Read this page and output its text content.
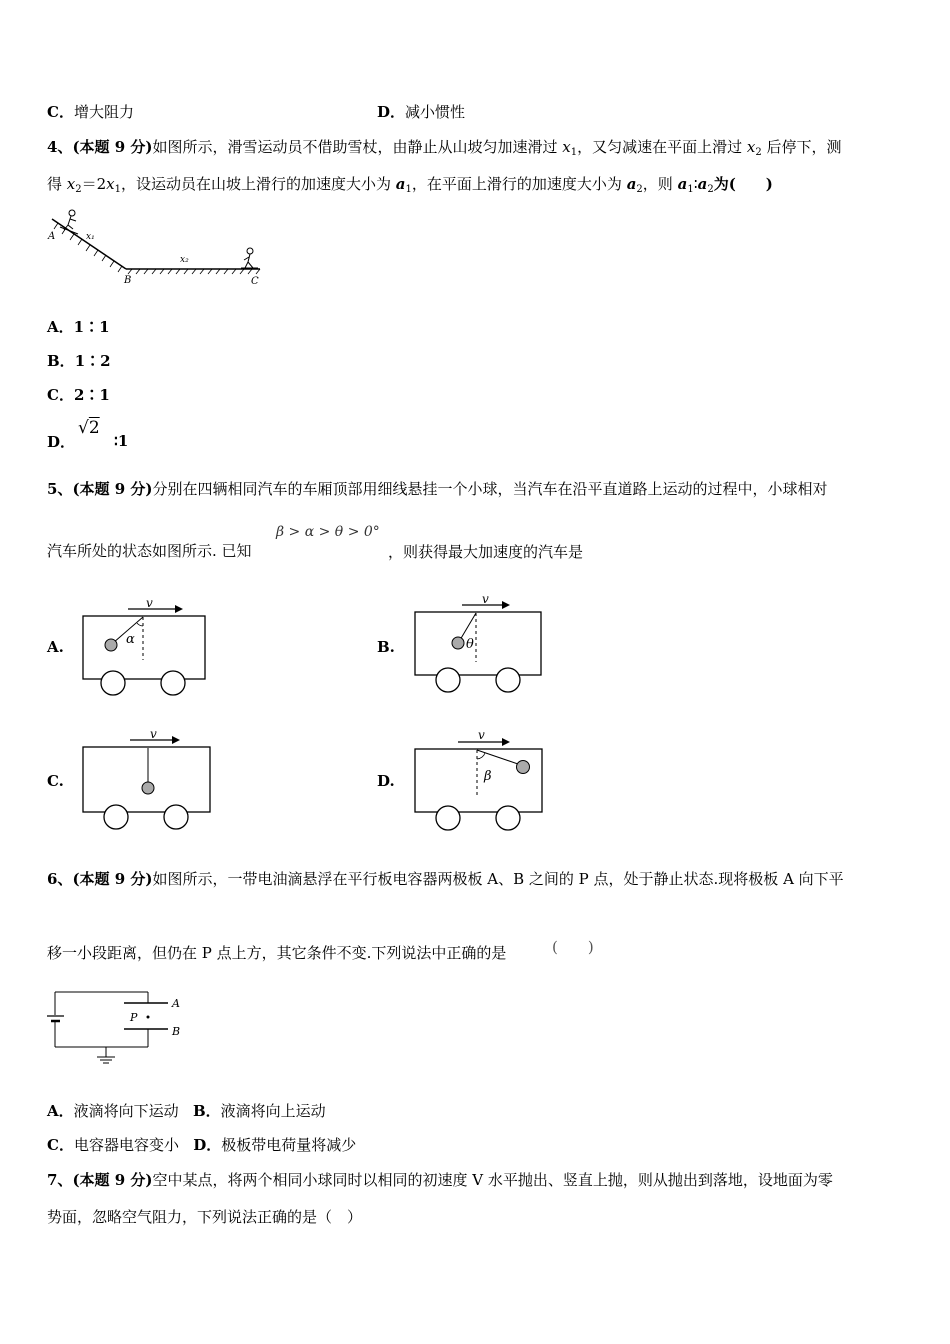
C．增大阻力	D．减小惯性
4、(本题 9 分)如图所示，滑雪运动员不借助雪杖，由静止从山坡匀加速滑过 $x_1$，又匀减速在平面上滑过 $x_2$ 后停下，测
得 $x_2=2x_1$，设运动员在山坡上滑行的加速度大小为 $a_1$，在平面上滑行的加速度大小为 $a_2$，则 $a_1∶a_2$为(　　)
A	x₁
B
x₂
C
A．1∶1
B．1∶2
C．2∶1
D．
√2
∶1
5、(本题 9 分)分别在四辆相同汽车的车厢顶部用细线悬挂一个小球，当汽车在沿平直道路上运动的过程中，小球相对
汽车所处的状态如图所示. 已知
β > α > θ > 0°
，则获得最大加速度的汽车是
A.	B.
C.	D.
v
α
v
θ
v	v
β
6、(本题 9 分)如图所示，一带电油滴悬浮在平行板电容器两极板 A、B 之间的 P 点，处于静止状态.现将极板 A 向下平
移一小段距离，但仍在 P 点上方，其它条件不变.下列说法中正确的是	(　　)
P
A
B
A．液滴将向下运动 B．液滴将向上运动
C．电容器电容变小 D．极板带电荷量将减少
7、(本题 9 分)空中某点，将两个相同小球同时以相同的初速度 V 水平抛出、竖直上抛，则从抛出到落地，设地面为零
势面，忽略空气阻力，下列说法正确的是（　）
